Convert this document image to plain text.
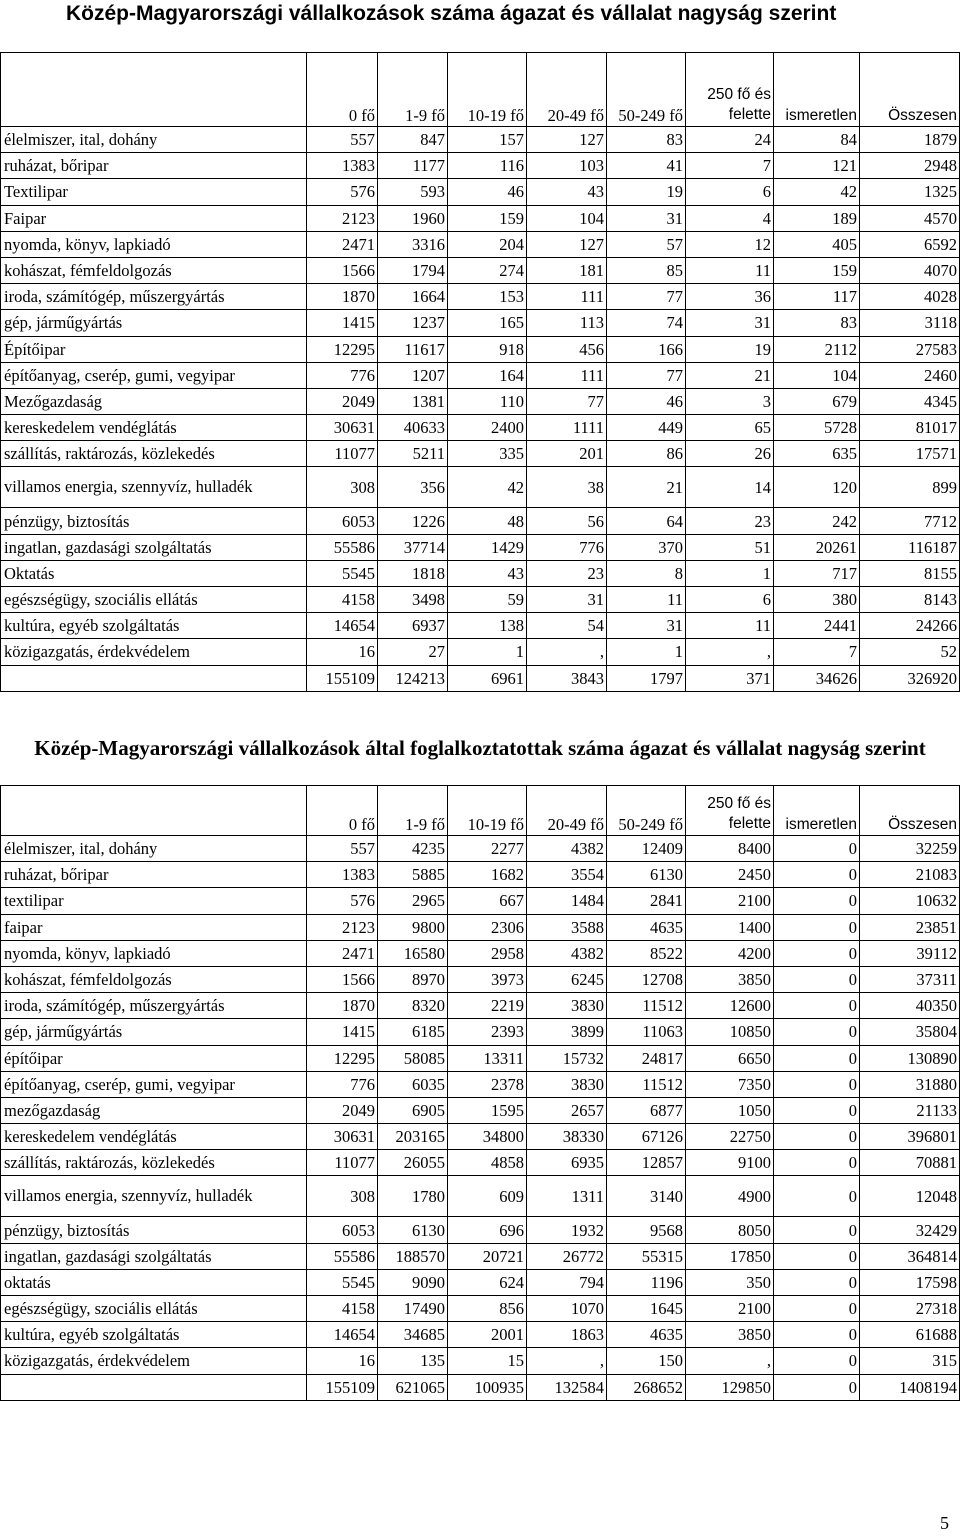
Közép-Magyarországi vállalkozások száma ágazat és vállalat nagyság szerint
	0 fő	1-9 fő	10-19 fő	20-49 fő	50-249 fő	250 fő és felette	ismeretlen	Összesen
élelmiszer, ital, dohány	557	847	157	127	83	24	84	1879
ruházat, bőripar	1383	1177	116	103	41	7	121	2948
Textilipar	576	593	46	43	19	6	42	1325
Faipar	2123	1960	159	104	31	4	189	4570
nyomda, könyv, lapkiadó	2471	3316	204	127	57	12	405	6592
kohászat, fémfeldolgozás	1566	1794	274	181	85	11	159	4070
iroda, számítógép, műszergyártás	1870	1664	153	111	77	36	117	4028
gép, járműgyártás	1415	1237	165	113	74	31	83	3118
Építőipar	12295	11617	918	456	166	19	2112	27583
építőanyag, cserép, gumi, vegyipar	776	1207	164	111	77	21	104	2460
Mezőgazdaság	2049	1381	110	77	46	3	679	4345
kereskedelem vendéglátás	30631	40633	2400	1111	449	65	5728	81017
szállítás, raktározás, közlekedés	11077	5211	335	201	86	26	635	17571
villamos energia, szennyvíz, hulladék	308	356	42	38	21	14	120	899
pénzügy, biztosítás	6053	1226	48	56	64	23	242	7712
ingatlan, gazdasági szolgáltatás	55586	37714	1429	776	370	51	20261	116187
Oktatás	5545	1818	43	23	8	1	717	8155
egészségügy, szociális ellátás	4158	3498	59	31	11	6	380	8143
kultúra, egyéb szolgáltatás	14654	6937	138	54	31	11	2441	24266
közigazgatás, érdekvédelem	16	27	1	,	1	,	7	52
	155109	124213	6961	3843	1797	371	34626	326920
Közép-Magyarországi vállalkozások által foglalkoztatottak száma ágazat és vállalat nagyság szerint
	0 fő	1-9 fő	10-19 fő	20-49 fő	50-249 fő	250 fő és felette	ismeretlen	Összesen
élelmiszer, ital, dohány	557	4235	2277	4382	12409	8400	0	32259
ruházat, bőripar	1383	5885	1682	3554	6130	2450	0	21083
textilipar	576	2965	667	1484	2841	2100	0	10632
faipar	2123	9800	2306	3588	4635	1400	0	23851
nyomda, könyv, lapkiadó	2471	16580	2958	4382	8522	4200	0	39112
kohászat, fémfeldolgozás	1566	8970	3973	6245	12708	3850	0	37311
iroda, számítógép, műszergyártás	1870	8320	2219	3830	11512	12600	0	40350
gép, járműgyártás	1415	6185	2393	3899	11063	10850	0	35804
építőipar	12295	58085	13311	15732	24817	6650	0	130890
építőanyag, cserép, gumi, vegyipar	776	6035	2378	3830	11512	7350	0	31880
mezőgazdaság	2049	6905	1595	2657	6877	1050	0	21133
kereskedelem vendéglátás	30631	203165	34800	38330	67126	22750	0	396801
szállítás, raktározás, közlekedés	11077	26055	4858	6935	12857	9100	0	70881
villamos energia, szennyvíz, hulladék	308	1780	609	1311	3140	4900	0	12048
pénzügy, biztosítás	6053	6130	696	1932	9568	8050	0	32429
ingatlan, gazdasági szolgáltatás	55586	188570	20721	26772	55315	17850	0	364814
oktatás	5545	9090	624	794	1196	350	0	17598
egészségügy, szociális ellátás	4158	17490	856	1070	1645	2100	0	27318
kultúra, egyéb szolgáltatás	14654	34685	2001	1863	4635	3850	0	61688
közigazgatás, érdekvédelem	16	135	15	,	150	,	0	315
	155109	621065	100935	132584	268652	129850	0	1408194
5
